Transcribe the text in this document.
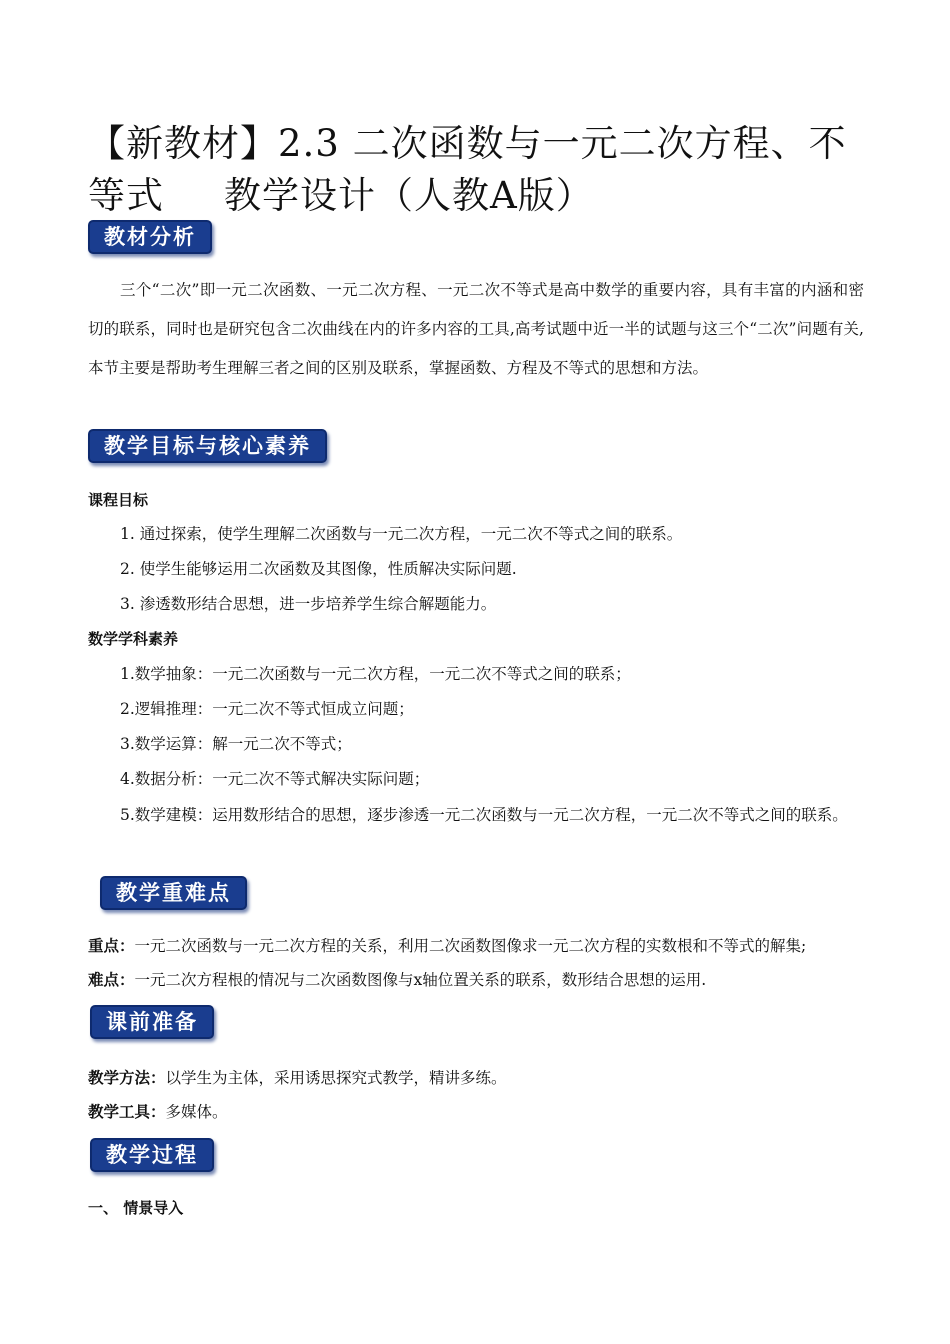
【新教材】2.3 二次函数与一元二次方程、不
等式 教学设计（人教A版）
教材分析
三个“二次”即一元二次函数、一元二次方程、一元二次不等式是高中数学的重要内容，具有丰富的内涵和密切的联系，同时也是研究包含二次曲线在内的许多内容的工具,高考试题中近一半的试题与这三个“二次”问题有关,本节主要是帮助考生理解三者之间的区别及联系，掌握函数、方程及不等式的思想和方法。
教学目标与核心素养
课程目标
1. 通过探索，使学生理解二次函数与一元二次方程，一元二次不等式之间的联系。
2. 使学生能够运用二次函数及其图像，性质解决实际问题.
3. 渗透数形结合思想，进一步培养学生综合解题能力。
数学学科素养
1.数学抽象：一元二次函数与一元二次方程，一元二次不等式之间的联系；
2.逻辑推理：一元二次不等式恒成立问题；
3.数学运算：解一元二次不等式；
4.数据分析：一元二次不等式解决实际问题；
5.数学建模：运用数形结合的思想，逐步渗透一元二次函数与一元二次方程，一元二次不等式之间的联系。
教学重难点
重点：一元二次函数与一元二次方程的关系，利用二次函数图像求一元二次方程的实数根和不等式的解集;
难点：一元二次方程根的情况与二次函数图像与x轴位置关系的联系，数形结合思想的运用.
课前准备
教学方法：以学生为主体，采用诱思探究式教学，精讲多练。
教学工具：多媒体。
教学过程
一、 情景导入
